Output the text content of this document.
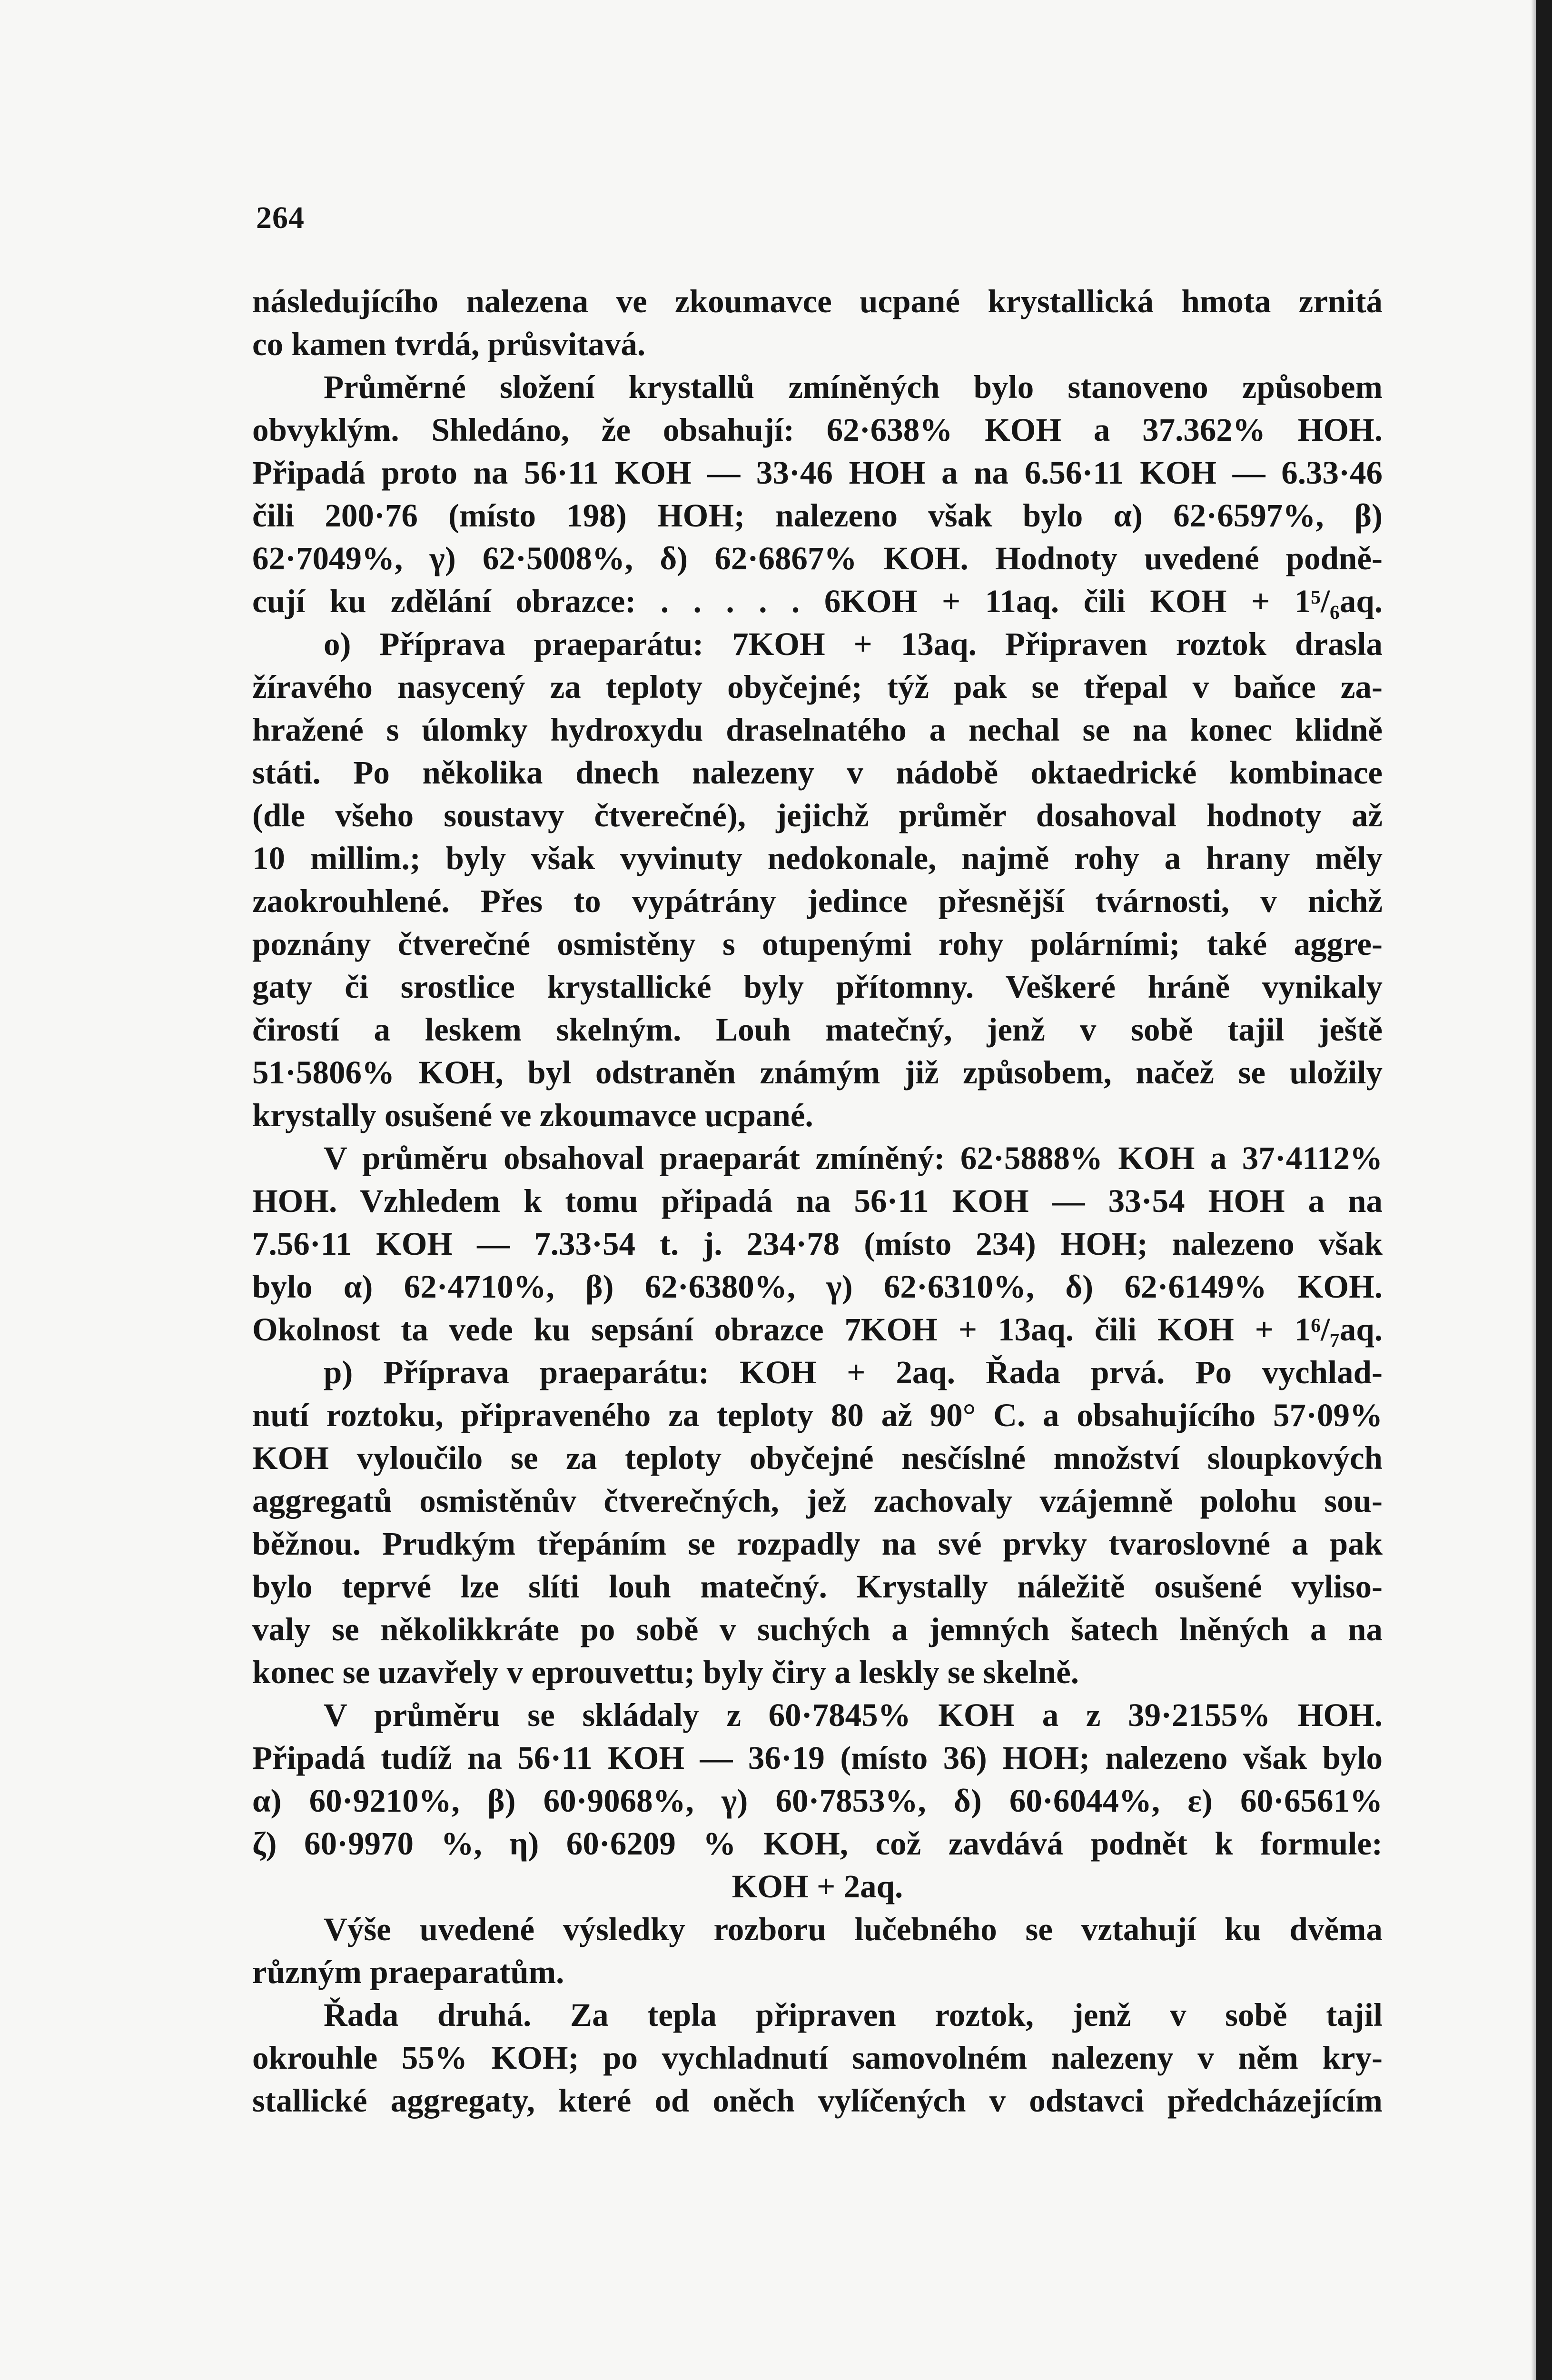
264
následujícího nalezena ve zkoumavce ucpané krystallická hmota zrnitá
co kamen tvrdá, průsvitavá.
Průměrné složení krystallů zmíněných bylo stanoveno způsobem
obvyklým. Shledáno, že obsahují: 62·638% KOH a 37.362% HOH.
Připadá proto na 56·11 KOH — 33·46 HOH a na 6.56·11 KOH — 6.33·46
čili 200·76 (místo 198) HOH; nalezeno však bylo α) 62·6597%, β)
62·7049%, γ) 62·5008%, δ) 62·6867% KOH. Hodnoty uvedené podně-
cují ku zdělání obrazce: . . . . . 6KOH + 11aq. čili KOH + 1⁵/₆aq.
o) Příprava praeparátu: 7KOH + 13aq. Připraven roztok drasla
žíravého nasycený za teploty obyčejné; týž pak se třepal v baňce za-
hražené s úlomky hydroxydu draselnatého a nechal se na konec klidně
státi. Po několika dnech nalezeny v nádobě oktaedrické kombinace
(dle všeho soustavy čtverečné), jejichž průměr dosahoval hodnoty až
10 millim.; byly však vyvinuty nedokonale, najmě rohy a hrany měly
zaokrouhlené. Přes to vypátrány jedince přesnější tvárnosti, v nichž
poznány čtverečné osmistěny s otupenými rohy polárními; také aggre-
gaty či srostlice krystallické byly přítomny. Veškeré hráně vynikaly
čirostí a leskem skelným. Louh matečný, jenž v sobě tajil ještě
51·5806% KOH, byl odstraněn známým již způsobem, načež se uložily
krystally osušené ve zkoumavce ucpané.
V průměru obsahoval praeparát zmíněný: 62·5888% KOH a 37·4112%
HOH. Vzhledem k tomu připadá na 56·11 KOH — 33·54 HOH a na
7.56·11 KOH — 7.33·54 t. j. 234·78 (místo 234) HOH; nalezeno však
bylo α) 62·4710%, β) 62·6380%, γ) 62·6310%, δ) 62·6149% KOH.
Okolnost ta vede ku sepsání obrazce 7KOH + 13aq. čili KOH + 1⁶/₇aq.
p) Příprava praeparátu: KOH + 2aq. Řada prvá. Po vychlad-
nutí roztoku, připraveného za teploty 80 až 90° C. a obsahujícího 57·09%
KOH vyloučilo se za teploty obyčejné nesčíslné množství sloupkových
aggregatů osmistěnův čtverečných, jež zachovaly vzájemně polohu sou-
běžnou. Prudkým třepáním se rozpadly na své prvky tvaroslovné a pak
bylo teprvé lze slíti louh matečný. Krystally náležitě osušené vyliso-
valy se několikkráte po sobě v suchých a jemných šatech lněných a na
konec se uzavřely v eprouvettu; byly čiry a leskly se skelně.
V průměru se skládaly z 60·7845% KOH a z 39·2155% HOH.
Připadá tudíž na 56·11 KOH — 36·19 (místo 36) HOH; nalezeno však bylo
α) 60·9210%, β) 60·9068%, γ) 60·7853%, δ) 60·6044%, ε) 60·6561%
ζ) 60·9970 %, η) 60·6209 % KOH, což zavdává podnět k formule:
KOH + 2aq.
Výše uvedené výsledky rozboru lučebného se vztahují ku dvěma
různým praeparatům.
Řada druhá. Za tepla připraven roztok, jenž v sobě tajil
okrouhle 55% KOH; po vychladnutí samovolném nalezeny v něm kry-
stallické aggregaty, které od oněch vylíčených v odstavci předcházejícím
